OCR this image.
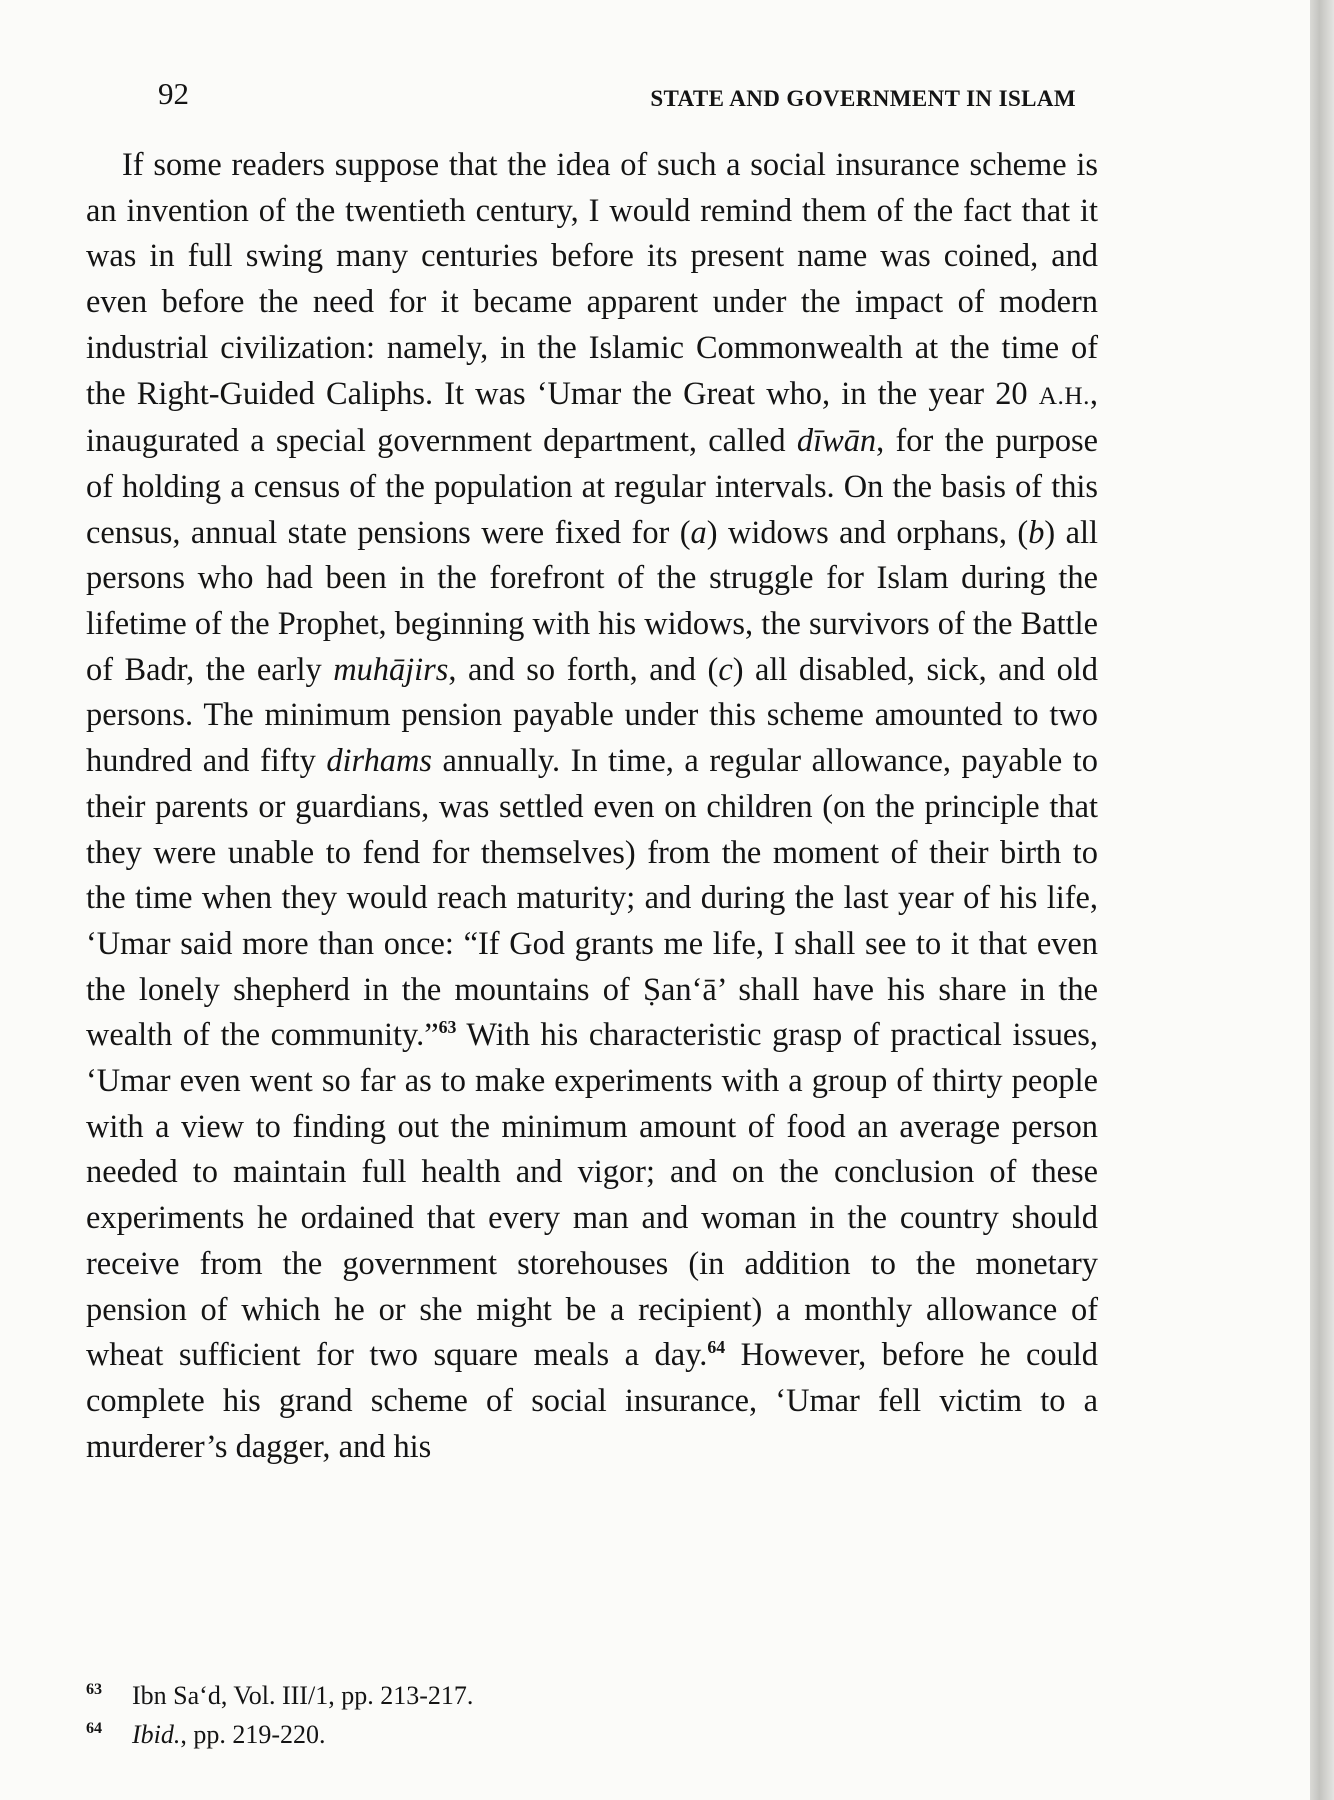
92	STATE AND GOVERNMENT IN ISLAM

If some readers suppose that the idea of such a social insurance scheme is an invention of the twentieth century, I would remind them of the fact that it was in full swing many centuries before its present name was coined, and even before the need for it became apparent under the impact of modern industrial civilization: namely, in the Islamic Commonwealth at the time of the Right-Guided Caliphs. It was ‘Umar the Great who, in the year 20 A.H., inaugurated a special government department, called dīwān, for the purpose of holding a census of the population at regular intervals. On the basis of this census, annual state pensions were fixed for (a) widows and orphans, (b) all persons who had been in the forefront of the struggle for Islam during the lifetime of the Prophet, beginning with his widows, the survivors of the Battle of Badr, the early muhājirs, and so forth, and (c) all disabled, sick, and old persons. The minimum pension payable under this scheme amounted to two hundred and fifty dirhams annually. In time, a regular allowance, payable to their parents or guardians, was settled even on children (on the principle that they were unable to fend for themselves) from the moment of their birth to the time when they would reach maturity; and during the last year of his life, ‘Umar said more than once: “If God grants me life, I shall see to it that even the lonely shepherd in the mountains of Ṣan‘ā’ shall have his share in the wealth of the community.”$^{63}$ With his characteristic grasp of practical issues, ‘Umar even went so far as to make experiments with a group of thirty people with a view to finding out the minimum amount of food an average person needed to maintain full health and vigor; and on the conclusion of these experiments he ordained that every man and woman in the country should receive from the government storehouses (in addition to the monetary pension of which he or she might be a recipient) a monthly allowance of wheat sufficient for two square meals a day.$^{64}$ However, before he could complete his grand scheme of social insurance, ‘Umar fell victim to a murderer’s dagger, and his

63 Ibn Sa‘d, Vol. III/1, pp. 213-217.

64 Ibid., pp. 219-220.
